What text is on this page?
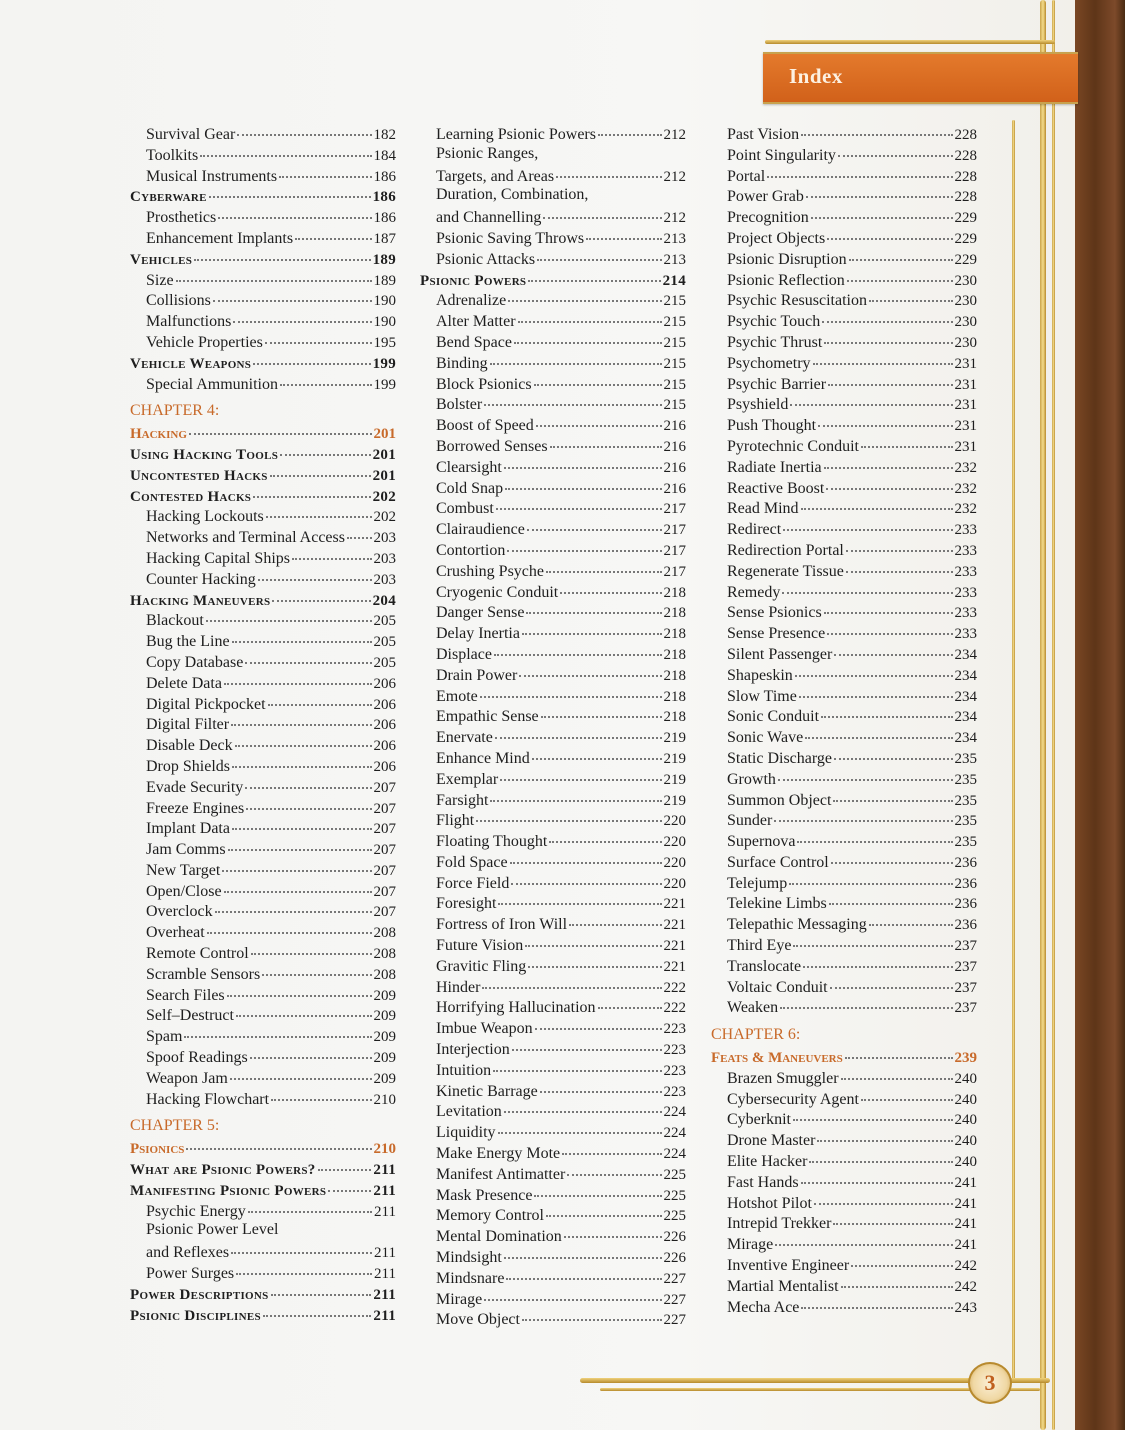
Index
Survival Gear	182
Toolkits	184
Musical Instruments	186
Cyberware	186
Prosthetics	186
Enhancement Implants	187
Vehicles	189
Size	189
Collisions	190
Malfunctions	190
Vehicle Properties	195
Vehicle Weapons	199
Special Ammunition	199
CHAPTER 4:
Hacking	201
Using Hacking Tools	201
Uncontested Hacks	201
Contested Hacks	202
Hacking Lockouts	202
Networks and Terminal Access 203
Hacking Capital Ships	203
Counter Hacking	203
Hacking Maneuvers	204
Blackout	205
Bug the Line	205
Copy Database	205
Delete Data	206
Digital Pickpocket	206
Digital Filter	206
Disable Deck	206
Drop Shields	206
Evade Security	207
Freeze Engines	207
Implant Data	207
Jam Comms	207
New Target	207
Open/Close	207
Overclock	207
Overheat	208
Remote Control	208
Scramble Sensors	208
Search Files	209
Self–Destruct	209
Spam	209
Spoof Readings	209
Weapon Jam	209
Hacking Flowchart	210
CHAPTER 5:
Psionics	210
What are Psionic Powers?	211
Manifesting Psionic Powers	211
Psychic Energy	211
Psionic Power Level
and Reflexes	211
Power Surges	211
Power Descriptions	211
Psionic Disciplines	211
Learning Psionic Powers	212
Psionic Ranges,
Targets, and Areas	212
Duration, Combination,
and Channelling	212
Psionic Saving Throws	213
Psionic Attacks	213
Psionic Powers	214
Adrenalize	215
Alter Matter	215
Bend Space	215
Binding	215
Block Psionics	215
Bolster	215
Boost of Speed	216
Borrowed Senses	216
Clearsight	216
Cold Snap	216
Combust	217
Clairaudience	217
Contortion	217
Crushing Psyche	217
Cryogenic Conduit	218
Danger Sense	218
Delay Inertia	218
Displace	218
Drain Power	218
Emote	218
Empathic Sense	218
Enervate	219
Enhance Mind	219
Exemplar	219
Farsight	219
Flight	220
Floating Thought	220
Fold Space	220
Force Field	220
Foresight	221
Fortress of Iron Will	221
Future Vision	221
Gravitic Fling	221
Hinder	222
Horrifying Hallucination	222
Imbue Weapon	223
Interjection	223
Intuition	223
Kinetic Barrage	223
Levitation	224
Liquidity	224
Make Energy Mote	224
Manifest Antimatter	225
Mask Presence	225
Memory Control	225
Mental Domination	226
Mindsight	226
Mindsnare	227
Mirage	227
Move Object	227
Past Vision	228
Point Singularity	228
Portal	228
Power Grab	228
Precognition	229
Project Objects	229
Psionic Disruption	229
Psionic Reflection	230
Psychic Resuscitation	230
Psychic Touch	230
Psychic Thrust	230
Psychometry	231
Psychic Barrier	231
Psyshield	231
Push Thought	231
Pyrotechnic Conduit	231
Radiate Inertia	232
Reactive Boost	232
Read Mind	232
Redirect	233
Redirection Portal	233
Regenerate Tissue	233
Remedy	233
Sense Psionics	233
Sense Presence	233
Silent Passenger	234
Shapeskin	234
Slow Time	234
Sonic Conduit	234
Sonic Wave	234
Static Discharge	235
Growth	235
Summon Object	235
Sunder	235
Supernova	235
Surface Control	236
Telejump	236
Telekine Limbs	236
Telepathic Messaging	236
Third Eye	237
Translocate	237
Voltaic Conduit	237
Weaken	237
CHAPTER 6:
Feats & Maneuvers	239
Brazen Smuggler	240
Cybersecurity Agent	240
Cyberknit	240
Drone Master	240
Elite Hacker	240
Fast Hands	241
Hotshot Pilot	241
Intrepid Trekker	241
Mirage	241
Inventive Engineer	242
Martial Mentalist	242
Mecha Ace	243
3
